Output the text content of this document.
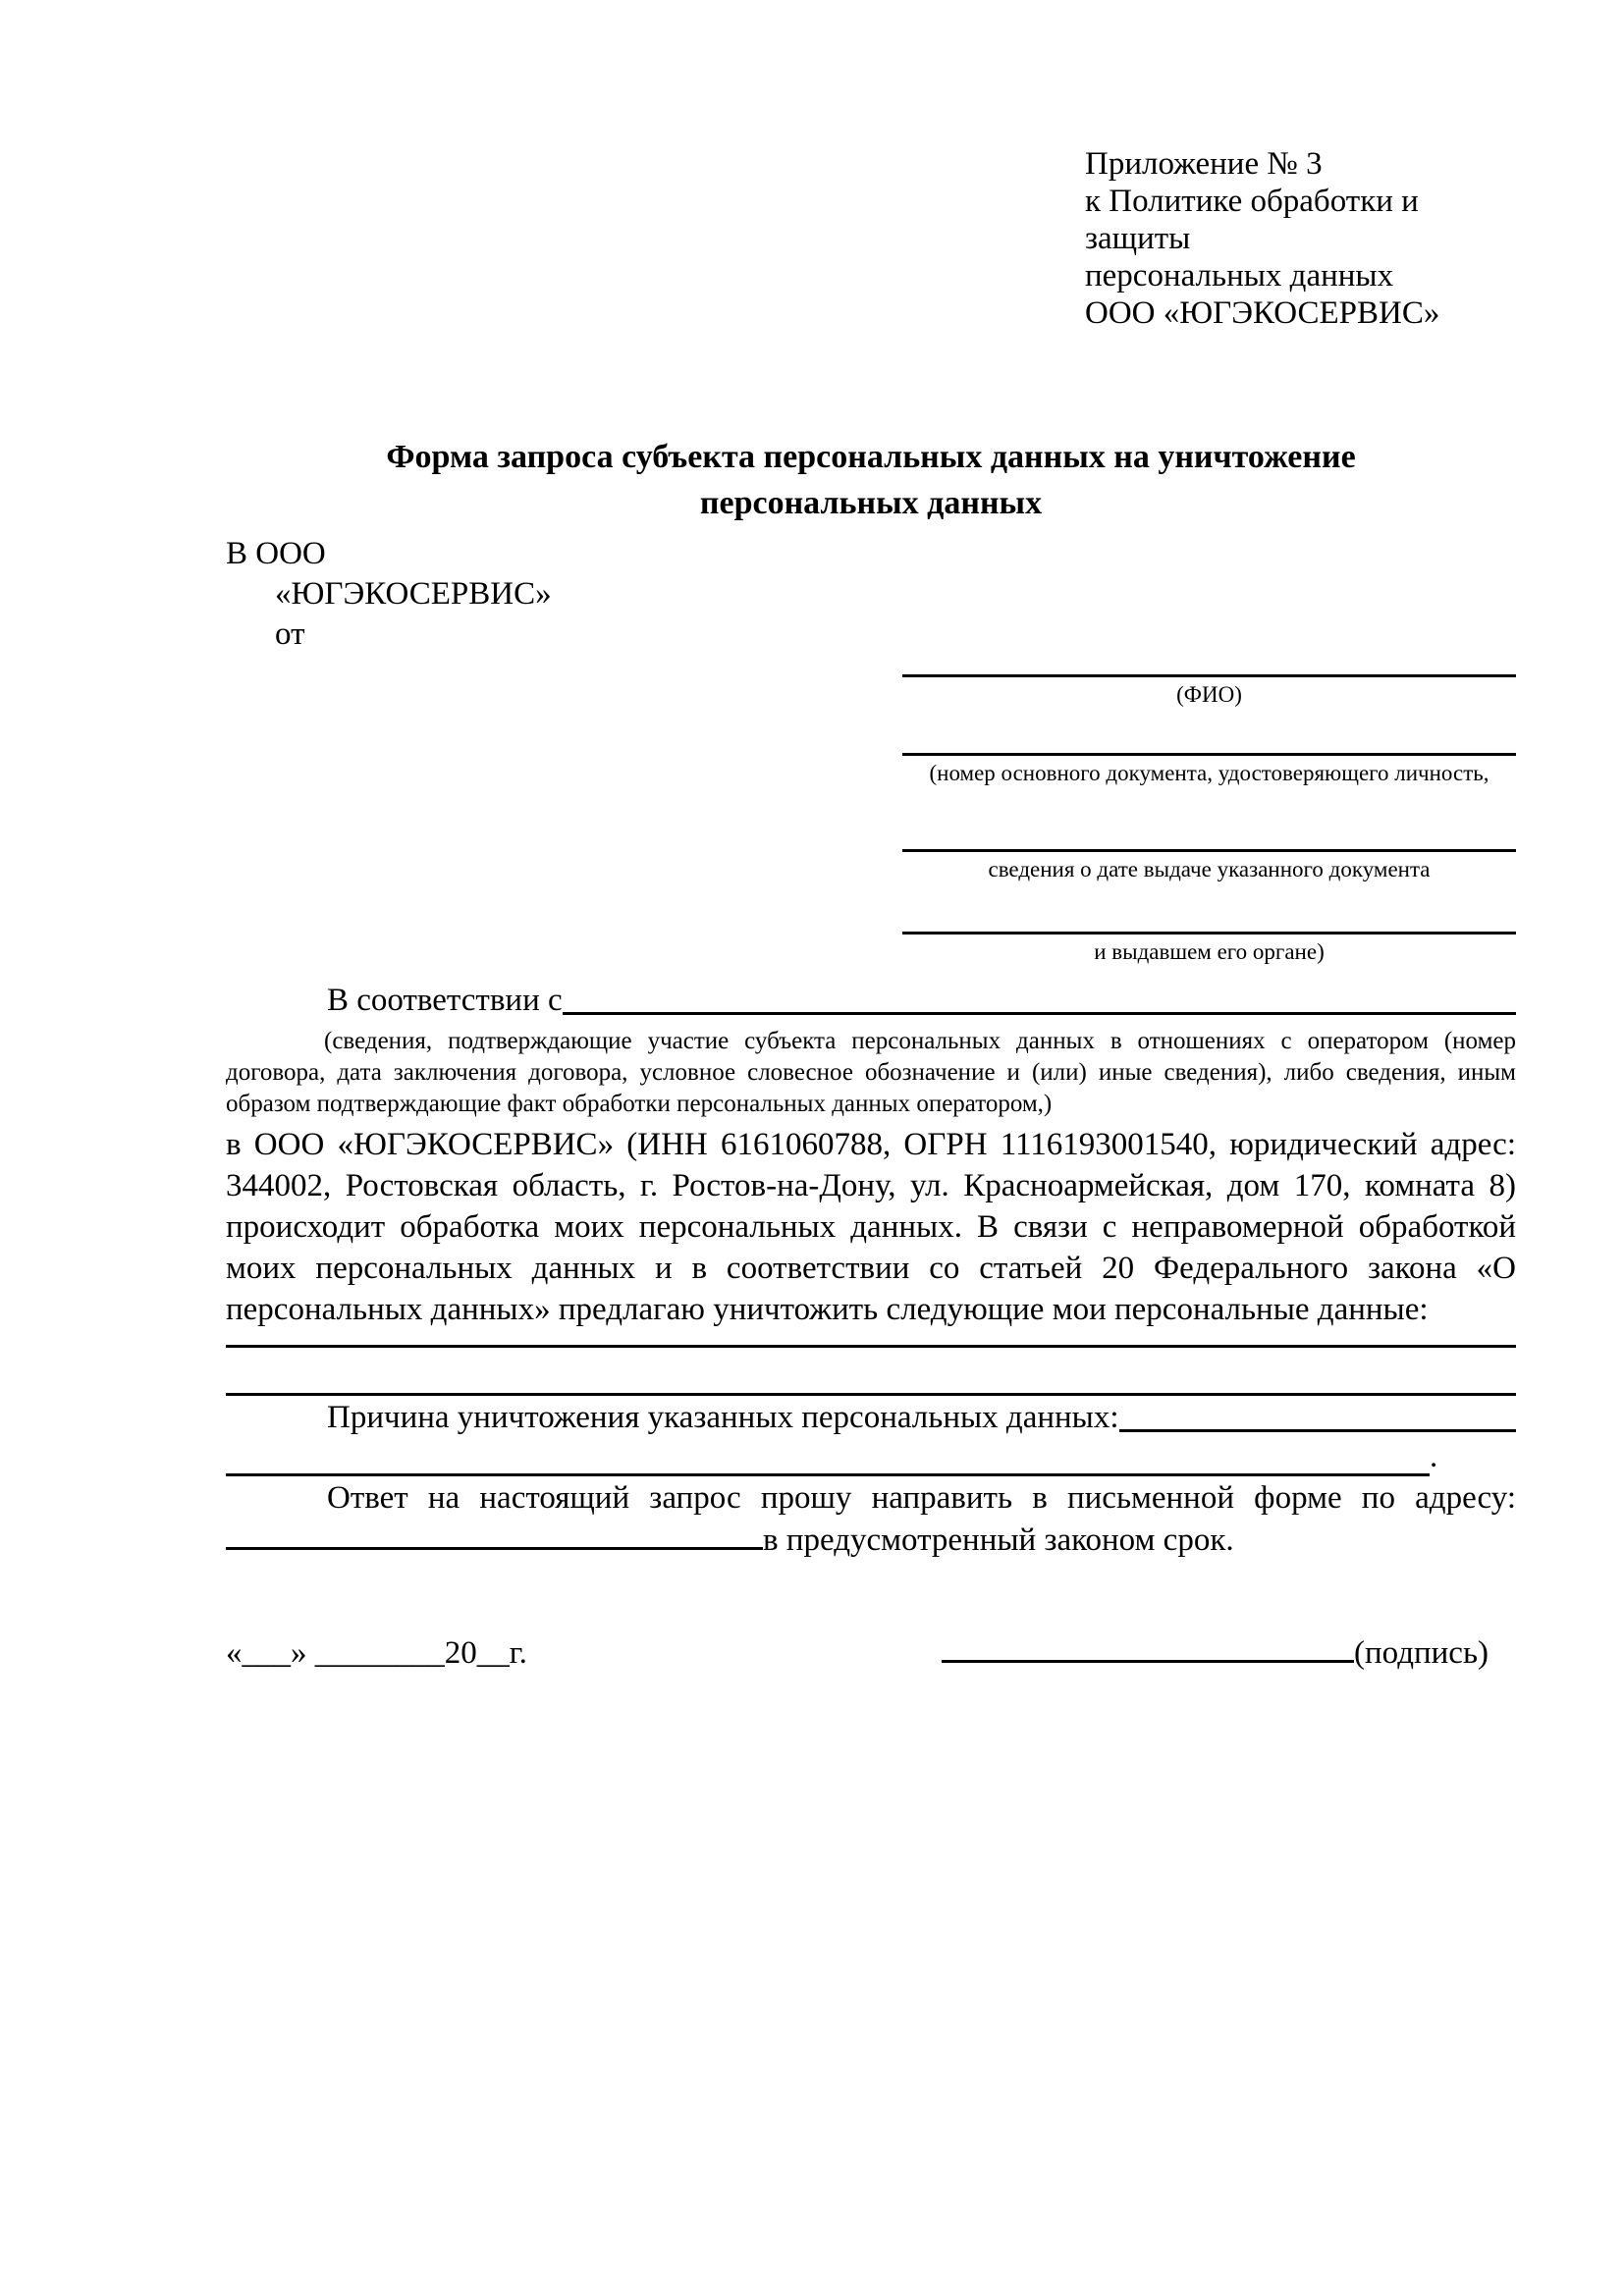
Приложение № 3
к Политике обработки и защиты
персональных данных
ООО «ЮГЭКОСЕРВИС»
Форма запроса субъекта персональных данных на уничтожение
персональных данных
В ООО
«ЮГЭКОСЕРВИС»
от
(ФИО)
(номер основного документа, удостоверяющего личность,
сведения о дате выдаче указанного документа
и выдавшем его органе)
В соответствии с
(сведения, подтверждающие участие субъекта персональных данных в отношениях с оператором (номер договора, дата заключения договора, условное словесное обозначение и (или) иные сведения), либо сведения, иным образом подтверждающие факт обработки персональных данных оператором,)
в ООО «ЮГЭКОСЕРВИС» (ИНН 6161060788, ОГРН 1116193001540, юридический адрес: 344002, Ростовская область, г. Ростов-на-Дону, ул. Красноармейская, дом 170, комната 8) происходит обработка моих персональных данных. В связи с неправомерной обработкой моих персональных данных и в соответствии со статьей 20 Федерального закона «О персональных данных» предлагаю уничтожить следующие мои персональные данные:
Причина уничтожения указанных персональных данных:
.
Ответ на настоящий запрос прошу направить в письменной форме по адресу:
в предусмотренный законом срок.
«___» ________20__г.	(подпись)
